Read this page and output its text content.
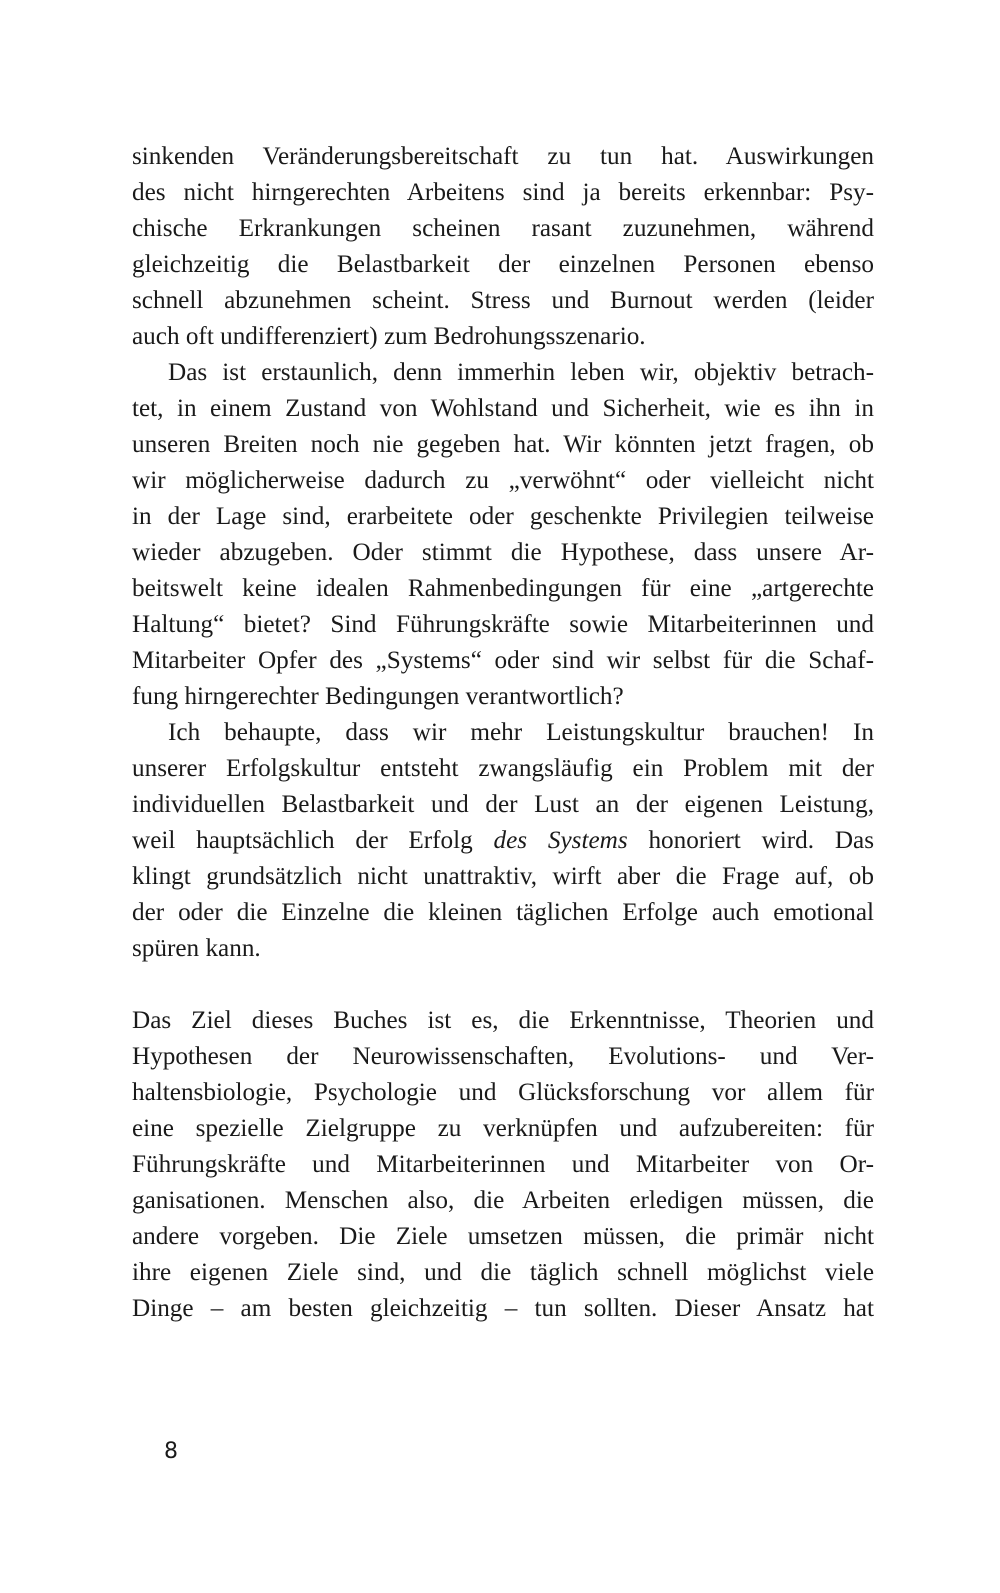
sinkenden Veränderungsbereitschaft zu tun hat. Auswirkungen
des nicht hirngerechten Arbeitens sind ja bereits erkennbar: Psy-
chische Erkrankungen scheinen rasant zuzunehmen, während
gleichzeitig die Belastbarkeit der einzelnen Personen ebenso
schnell abzunehmen scheint. Stress und Burnout werden (leider
auch oft undifferenziert) zum Bedrohungsszenario.
Das ist erstaunlich, denn immerhin leben wir, objektiv betrach-
tet, in einem Zustand von Wohlstand und Sicherheit, wie es ihn in
unseren Breiten noch nie gegeben hat. Wir könnten jetzt fragen, ob
wir möglicherweise dadurch zu „verwöhnt“ oder vielleicht nicht
in der Lage sind, erarbeitete oder geschenkte Privilegien teilweise
wieder abzugeben. Oder stimmt die Hypothese, dass unsere Ar-
beitswelt keine idealen Rahmenbedingungen für eine „artgerechte
Haltung“ bietet? Sind Führungskräfte sowie Mitarbeiterinnen und
Mitarbeiter Opfer des „Systems“ oder sind wir selbst für die Schaf-
fung hirngerechter Bedingungen verantwortlich?
Ich behaupte, dass wir mehr Leistungskultur brauchen! In
unserer Erfolgskultur entsteht zwangsläufig ein Problem mit der
individuellen Belastbarkeit und der Lust an der eigenen Leistung,
weil hauptsächlich der Erfolg des Systems honoriert wird. Das
klingt grundsätzlich nicht unattraktiv, wirft aber die Frage auf, ob
der oder die Einzelne die kleinen täglichen Erfolge auch emotional
spüren kann.
Das Ziel dieses Buches ist es, die Erkenntnisse, Theorien und
Hypothesen der Neurowissenschaften, Evolutions- und Ver-
haltensbiologie, Psychologie und Glücksforschung vor allem für
eine spezielle Zielgruppe zu verknüpfen und aufzubereiten: für
Führungskräfte und Mitarbeiterinnen und Mitarbeiter von Or-
ganisationen. Menschen also, die Arbeiten erledigen müssen, die
andere vorgeben. Die Ziele umsetzen müssen, die primär nicht
ihre eigenen Ziele sind, und die täglich schnell möglichst viele
Dinge – am besten gleichzeitig – tun sollten. Dieser Ansatz hat
8
